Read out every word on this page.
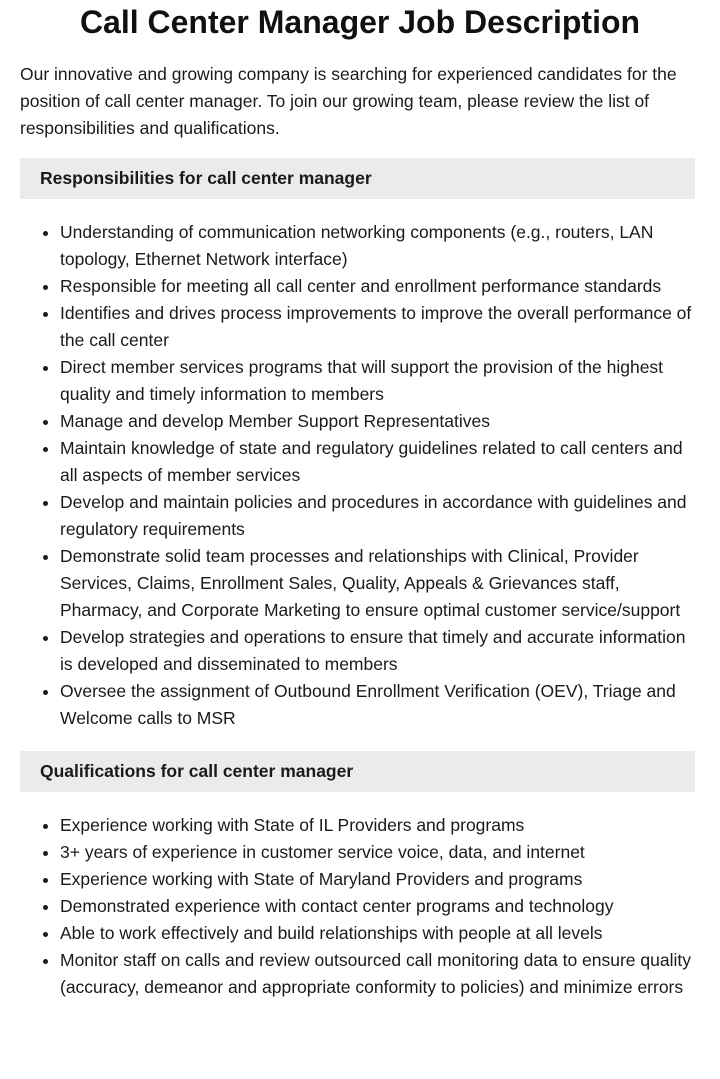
Call Center Manager Job Description

Our innovative and growing company is searching for experienced candidates for the position of call center manager. To join our growing team, please review the list of responsibilities and qualifications.

Responsibilities for call center manager
• Understanding of communication networking components (e.g., routers, LAN topology, Ethernet Network interface)
• Responsible for meeting all call center and enrollment performance standards
• Identifies and drives process improvements to improve the overall performance of the call center
• Direct member services programs that will support the provision of the highest quality and timely information to members
• Manage and develop Member Support Representatives
• Maintain knowledge of state and regulatory guidelines related to call centers and all aspects of member services
• Develop and maintain policies and procedures in accordance with guidelines and regulatory requirements
• Demonstrate solid team processes and relationships with Clinical, Provider Services, Claims, Enrollment Sales, Quality, Appeals & Grievances staff, Pharmacy, and Corporate Marketing to ensure optimal customer service/support
• Develop strategies and operations to ensure that timely and accurate information is developed and disseminated to members
• Oversee the assignment of Outbound Enrollment Verification (OEV), Triage and Welcome calls to MSR
Qualifications for call center manager
• Experience working with State of IL Providers and programs
• 3+ years of experience in customer service voice, data, and internet
• Experience working with State of Maryland Providers and programs
• Demonstrated experience with contact center programs and technology
• Able to work effectively and build relationships with people at all levels
• Monitor staff on calls and review outsourced call monitoring data to ensure quality (accuracy, demeanor and appropriate conformity to policies) and minimize errors
